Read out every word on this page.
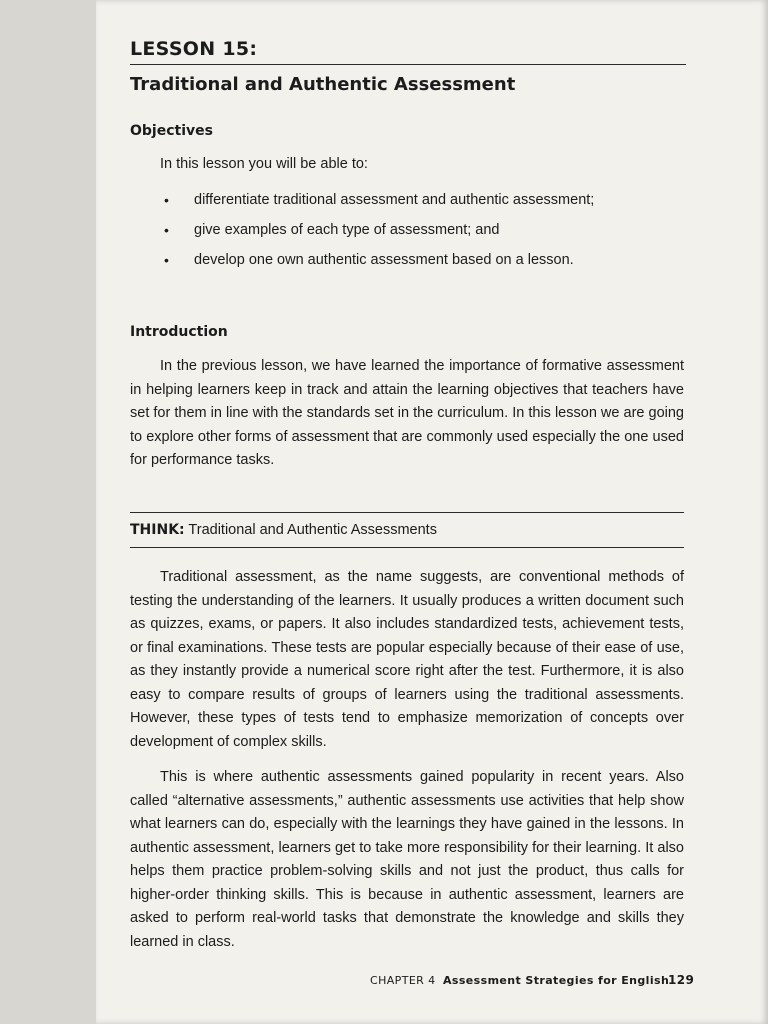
LESSON 15:
Traditional and Authentic Assessment
Objectives
In this lesson you will be able to:
• differentiate traditional assessment and authentic assessment;
• give examples of each type of assessment; and
• develop one own authentic assessment based on a lesson.
Introduction

In the previous lesson, we have learned the importance of formative assessment in helping learners keep in track and attain the learning objectives that teachers have set for them in line with the standards set in the curriculum. In this lesson we are going to explore other forms of assessment that are commonly used especially the one used for performance tasks.

THINK: Traditional and Authentic Assessments

Traditional assessment, as the name suggests, are conventional methods of testing the understanding of the learners. It usually produces a written document such as quizzes, exams, or papers. It also includes standardized tests, achievement tests, or final examinations. These tests are popular especially because of their ease of use, as they instantly provide a numerical score right after the test. Furthermore, it is also easy to compare results of groups of learners using the traditional assessments. However, these types of tests tend to emphasize memorization of concepts over development of complex skills.

This is where authentic assessments gained popularity in recent years. Also called “alternative assessments,” authentic assessments use activities that help show what learners can do, especially with the learnings they have gained in the lessons. In authentic assessment, learners get to take more responsibility for their learning. It also helps them practice problem-solving skills and not just the product, thus calls for higher-order thinking skills. This is because in authentic assessment, learners are asked to perform real-world tasks that demonstrate the knowledge and skills they learned in class.

CHAPTER 4 Assessment Strategies for English
129
